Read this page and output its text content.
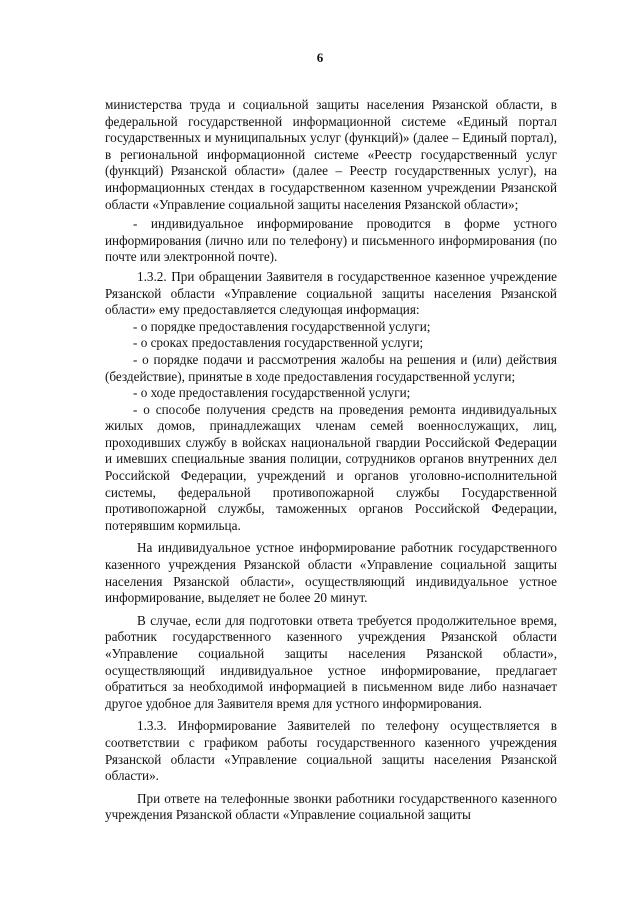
6

министерства труда и социальной защиты населения Рязанской области, в федеральной государственной информационной системе «Единый портал государственных и муниципальных услуг (функций)» (далее – Единый портал), в региональной информационной системе «Реестр государственный услуг (функций) Рязанской области» (далее – Реестр государственных услуг), на информационных стендах в государственном казенном учреждении Рязанской области «Управление социальной защиты населения Рязанской области»;

- индивидуальное информирование проводится в форме устного информирования (лично или по телефону) и письменного информирования (по почте или электронной почте).

1.3.2. При обращении Заявителя в государственное казенное учреждение Рязанской области «Управление социальной защиты населения Рязанской области» ему предоставляется следующая информация:

- о порядке предоставления государственной услуги;

- о сроках предоставления государственной услуги;

- о порядке подачи и рассмотрения жалобы на решения и (или) действия (бездействие), принятые в ходе предоставления государственной услуги;

- о ходе предоставления государственной услуги;

- о способе получения средств на проведения ремонта индивидуальных жилых домов, принадлежащих членам семей военнослужащих, лиц, проходивших службу в войсках национальной гвардии Российской Федерации и имевших специальные звания полиции, сотрудников органов внутренних дел Российской Федерации, учреждений и органов уголовно-исполнительной системы, федеральной противопожарной службы Государственной противопожарной службы, таможенных органов Российской Федерации, потерявшим кормильца.

На индивидуальное устное информирование работник государственного казенного учреждения Рязанской области «Управление социальной защиты населения Рязанской области», осуществляющий индивидуальное устное информирование, выделяет не более 20 минут.

В случае, если для подготовки ответа требуется продолжительное время, работник государственного казенного учреждения Рязанской области «Управление социальной защиты населения Рязанской области», осуществляющий индивидуальное устное информирование, предлагает обратиться за необходимой информацией в письменном виде либо назначает другое удобное для Заявителя время для устного информирования.

1.3.3. Информирование Заявителей по телефону осуществляется в соответствии с графиком работы государственного казенного учреждения Рязанской области «Управление социальной защиты населения Рязанской области».

При ответе на телефонные звонки работники государственного казенного учреждения Рязанской области «Управление социальной защиты
